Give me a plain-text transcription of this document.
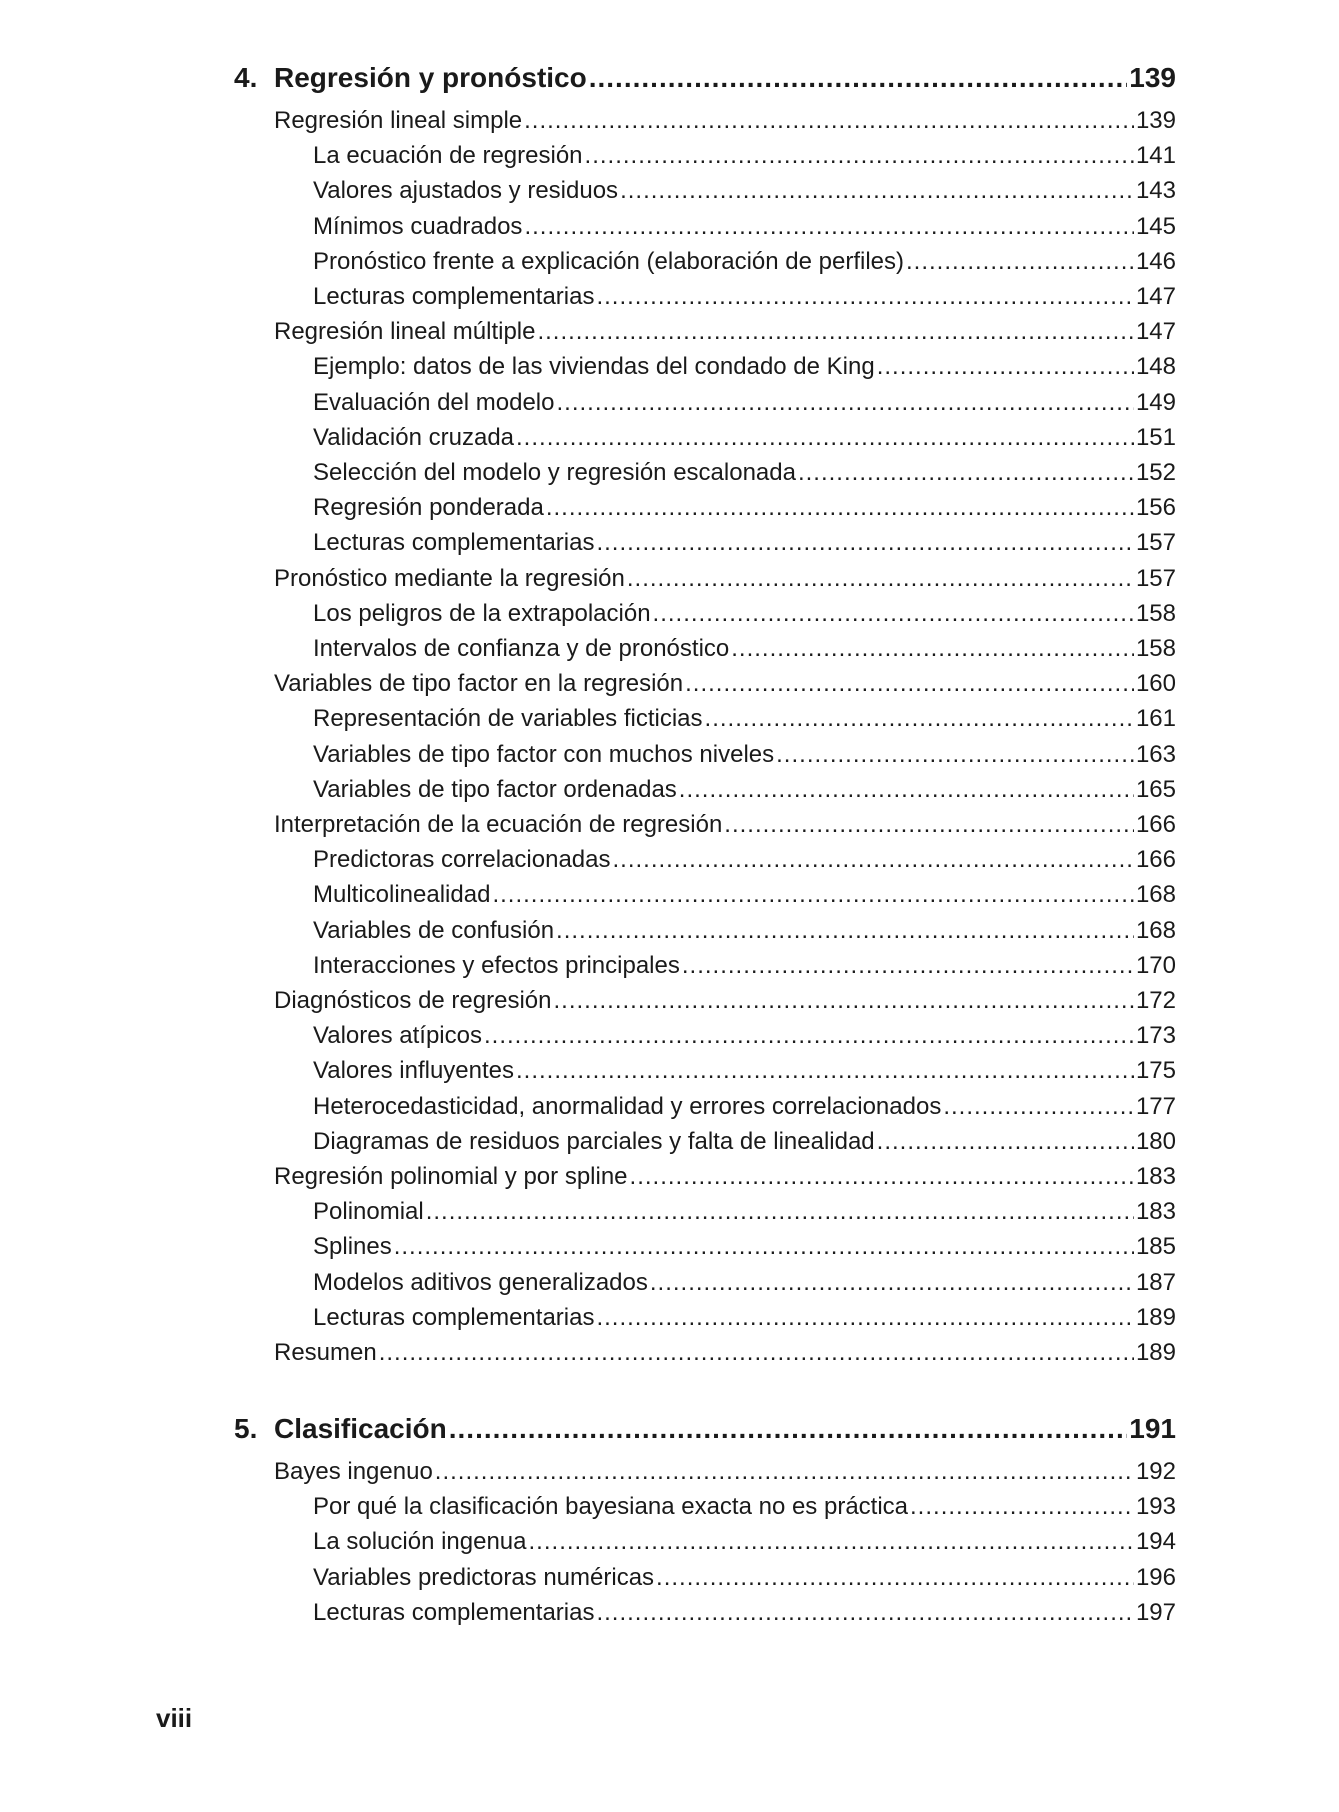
4. Regresión y pronóstico .....	139
Regresión lineal simple .....	139
La ecuación de regresión .....	141
Valores ajustados y residuos .....	143
Mínimos cuadrados .....	145
Pronóstico frente a explicación (elaboración de perfiles) .....	146
Lecturas complementarias .....	147
Regresión lineal múltiple .....	147
Ejemplo: datos de las viviendas del condado de King .....	148
Evaluación del modelo .....	149
Validación cruzada .....	151
Selección del modelo y regresión escalonada .....	152
Regresión ponderada .....	156
Lecturas complementarias .....	157
Pronóstico mediante la regresión .....	157
Los peligros de la extrapolación .....	158
Intervalos de confianza y de pronóstico .....	158
Variables de tipo factor en la regresión .....	160
Representación de variables ficticias .....	161
Variables de tipo factor con muchos niveles .....	163
Variables de tipo factor ordenadas .....	165
Interpretación de la ecuación de regresión .....	166
Predictoras correlacionadas .....	166
Multicolinealidad .....	168
Variables de confusión .....	168
Interacciones y efectos principales .....	170
Diagnósticos de regresión .....	172
Valores atípicos .....	173
Valores influyentes .....	175
Heterocedasticidad, anormalidad y errores correlacionados .....	177
Diagramas de residuos parciales y falta de linealidad .....	180
Regresión polinomial y por spline .....	183
Polinomial .....	183
Splines .....	185
Modelos aditivos generalizados .....	187
Lecturas complementarias .....	189
Resumen .....	189
5. Clasificación .....	191
Bayes ingenuo .....	192
Por qué la clasificación bayesiana exacta no es práctica .....	193
La solución ingenua .....	194
Variables predictoras numéricas .....	196
Lecturas complementarias .....	197
viii
